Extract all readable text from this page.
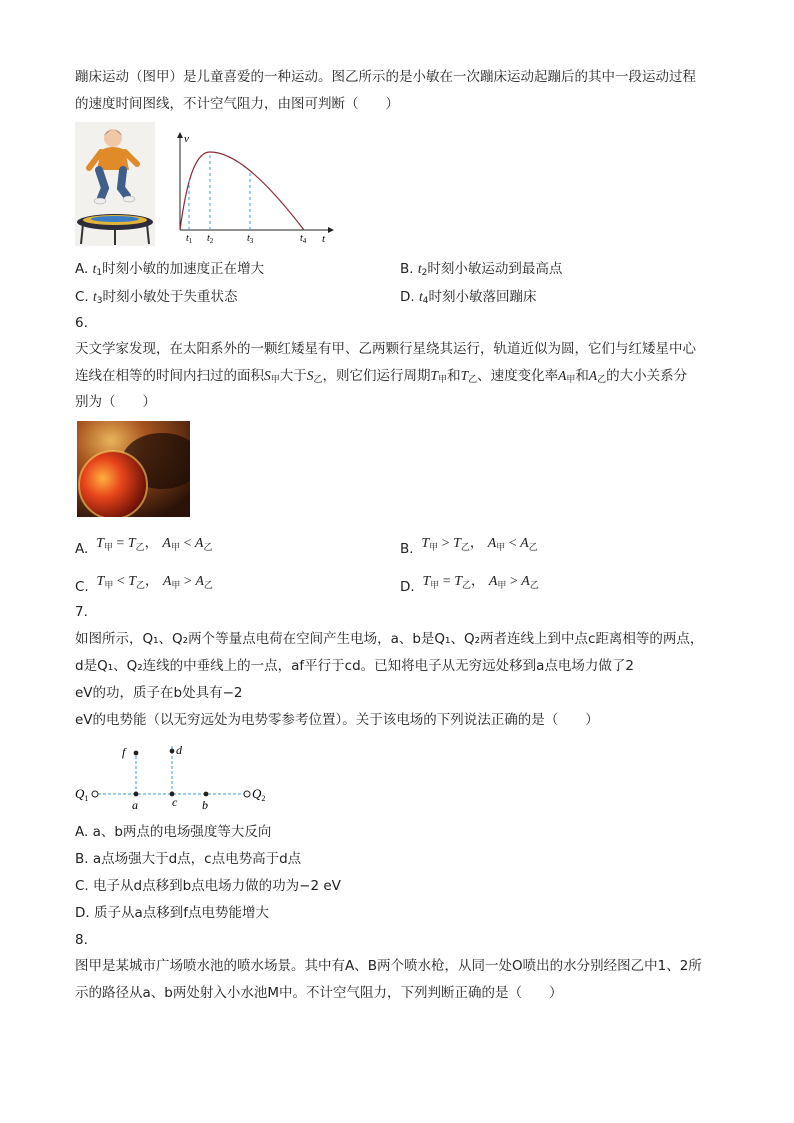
蹦床运动（图甲）是儿童喜爱的一种运动。图乙所示的是小敏在一次蹦床运动起蹦后的其中一段运动过程
的速度时间图线，不计空气阻力，由图可判断（　　）
v
t
$t_1$ $t_2$	$t_3$	$t_4$
A. $t_1$时刻小敏的加速度正在增大	B. $t_2$时刻小敏运动到最高点
C. $t_3$时刻小敏处于失重状态	D. $t_4$时刻小敏落回蹦床
6.
天文学家发现，在太阳系外的一颗红矮星有甲、乙两颗行星绕其运行，轨道近似为圆，它们与红矮星中心
连线在相等的时间内扫过的面积$S_甲$大于$S_乙$，则它们运行周期$T_甲$和$T_乙$、速度变化率$A_甲$和$A_乙$的大小关系分
别为（　　）
A.  $T_甲 = T_乙$， $A_甲 < A_乙$	B.  $T_甲 > T_乙$， $A_甲 < A_乙$
C.  $T_甲 < T_乙$， $A_甲 > A_乙$	D.  $T_甲 = T_乙$， $A_甲 > A_乙$
7.
如图所示，Q₁、Q₂两个等量点电荷在空间产生电场，a、b是Q₁、Q₂两者连线上到中点c距离相等的两点，
d是Q₁、Q₂连线的中垂线上的一点，af平行于cd。已知将电子从无穷远处移到a点电场力做了2
eV的功，质子在b处具有−2
eV的电势能（以无穷远处为电势零参考位置）。关于该电场的下列说法正确的是（　　）
$Q_1$	$Q_2$
a	c b
d
f
A. a、b两点的电场强度等大反向
B. a点场强大于d点，c点电势高于d点
C. 电子从d点移到b点电场力做的功为−2 eV
D. 质子从a点移到f点电势能增大
8.
图甲是某城市广场喷水池的喷水场景。其中有A、B两个喷水枪，从同一处O喷出的水分别经图乙中1、2所
示的路径从a、b两处射入小水池M中。不计空气阻力，下列判断正确的是（　　）
